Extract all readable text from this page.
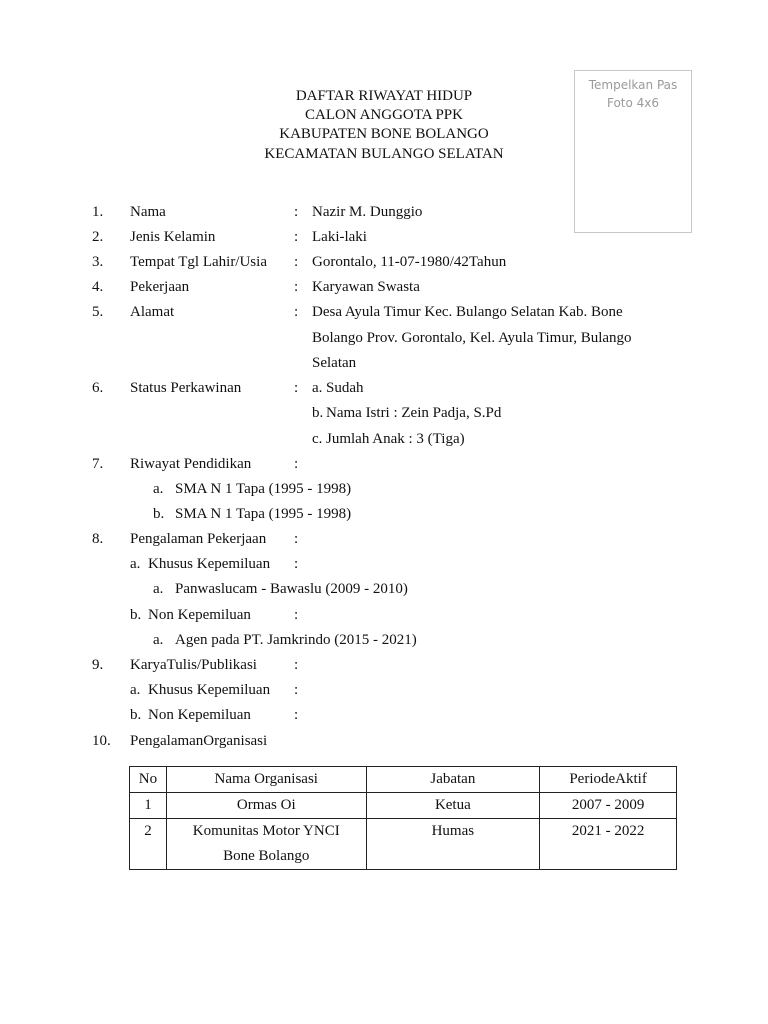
Tempelkan Pas
Foto 4x6
DAFTAR RIWAYAT HIDUP
CALON ANGGOTA PPK
KABUPATEN BONE BOLANGO
KECAMATAN BULANGO SELATAN
1. Nama	: Nazir M. Dunggio
2. Jenis Kelamin	: Laki-laki
3. Tempat Tgl Lahir/Usia : Gorontalo, 11-07-1980/42Tahun
4. Pekerjaan	: Karyawan Swasta
5. Alamat	: Desa Ayula Timur Kec. Bulango Selatan Kab. Bone
Bolango Prov. Gorontalo, Kel. Ayula Timur, Bulango
Selatan
6. Status Perkawinan	: a. Sudah
b. Nama Istri : Zein Padja, S.Pd
c. Jumlah Anak : 3 (Tiga)
7. Riwayat Pendidikan	:
a. SMA N 1 Tapa (1995 - 1998)
b. SMA N 1 Tapa (1995 - 1998)
8. Pengalaman Pekerjaan :
a. Khusus Kepemiluan :
a. Panwaslucam - Bawaslu (2009 - 2010)
b. Non Kepemiluan	:
a. Agen pada PT. Jamkrindo (2015 - 2021)
9. KaryaTulis/Publikasi :
a. Khusus Kepemiluan :
b. Non Kepemiluan	:
10. PengalamanOrganisasi
No	Nama Organisasi	Jabatan	PeriodeAktif
1	Ormas Oi	Ketua	2007 - 2009
2	Komunitas Motor YNCI
Bone Bolango	Humas	2021 - 2022
